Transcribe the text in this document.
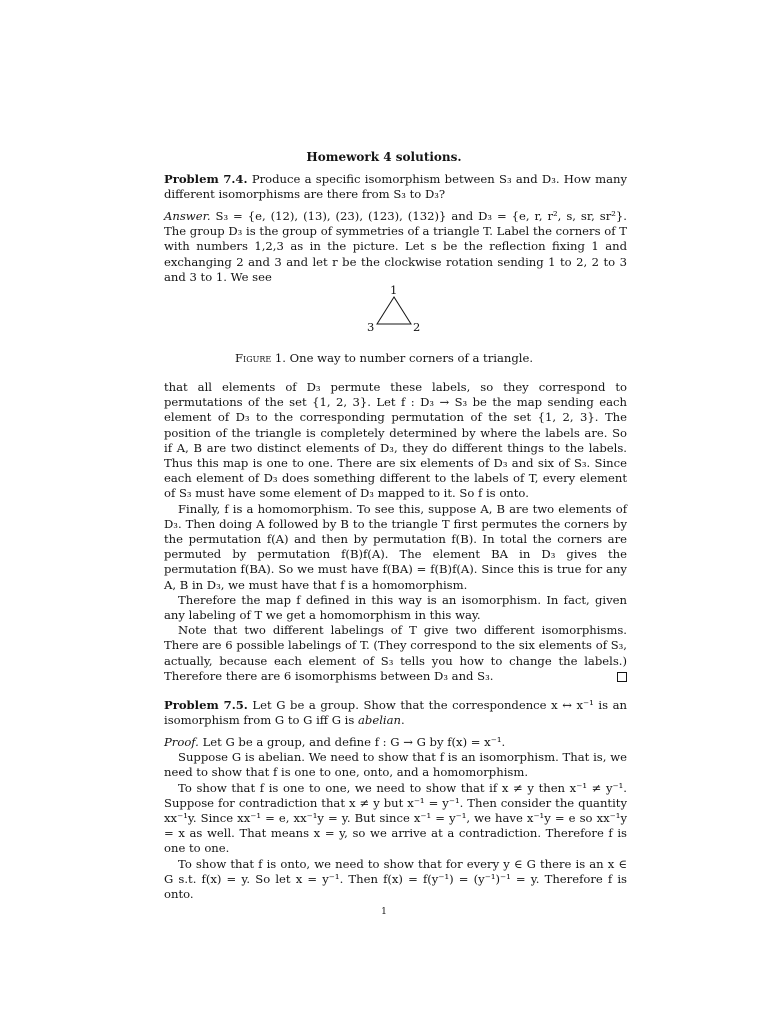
Homework 4 solutions.

Problem 7.4. Produce a specific isomorphism between S₃ and D₃. How many different isomorphisms are there from S₃ to D₃?

Answer. S₃ = {e, (12), (13), (23), (123), (132)} and D₃ = {e, r, r², s, sr, sr²}. The group D₃ is the group of symmetries of a triangle T. Label the corners of T with numbers 1,2,3 as in the picture. Let s be the reflection fixing 1 and exchanging 2 and 3 and let r be the clockwise rotation sending 1 to 2, 2 to 3 and 3 to 1. We see

1
3	2
Figure 1. One way to number corners of a triangle.

that all elements of D₃ permute these labels, so they correspond to permutations of the set {1, 2, 3}. Let f : D₃ → S₃ be the map sending each element of D₃ to the corresponding permutation of the set {1, 2, 3}. The position of the triangle is completely determined by where the labels are. So if A, B are two distinct elements of D₃, they do different things to the labels. Thus this map is one to one. There are six elements of D₃ and six of S₃. Since each element of D₃ does something different to the labels of T, every element of S₃ must have some element of D₃ mapped to it. So f is onto.

Finally, f is a homomorphism. To see this, suppose A, B are two elements of D₃. Then doing A followed by B to the triangle T first permutes the corners by the permutation f(A) and then by permutation f(B). In total the corners are permuted by permutation f(B)f(A). The element BA in D₃ gives the permutation f(BA). So we must have f(BA) = f(B)f(A). Since this is true for any A, B in D₃, we must have that f is a homomorphism.

Therefore the map f defined in this way is an isomorphism. In fact, given any labeling of T we get a homomorphism in this way.

Note that two different labelings of T give two different isomorphisms. There are 6 possible labelings of T. (They correspond to the six elements of S₃, actually, because each element of S₃ tells you how to change the labels.) Therefore there are 6 isomorphisms between D₃ and S₃.

Problem 7.5. Let G be a group. Show that the correspondence x ↔ x⁻¹ is an isomorphism from G to G iff G is abelian.

Proof. Let G be a group, and define f : G → G by f(x) = x⁻¹.

Suppose G is abelian. We need to show that f is an isomorphism. That is, we need to show that f is one to one, onto, and a homomorphism.

To show that f is one to one, we need to show that if x ≠ y then x⁻¹ ≠ y⁻¹. Suppose for contradiction that x ≠ y but x⁻¹ = y⁻¹. Then consider the quantity xx⁻¹y. Since xx⁻¹ = e, xx⁻¹y = y. But since x⁻¹ = y⁻¹, we have x⁻¹y = e so xx⁻¹y = x as well. That means x = y, so we arrive at a contradiction. Therefore f is one to one.

To show that f is onto, we need to show that for every y ∈ G there is an x ∈ G s.t. f(x) = y. So let x = y⁻¹. Then f(x) = f(y⁻¹) = (y⁻¹)⁻¹ = y. Therefore f is onto.

1
